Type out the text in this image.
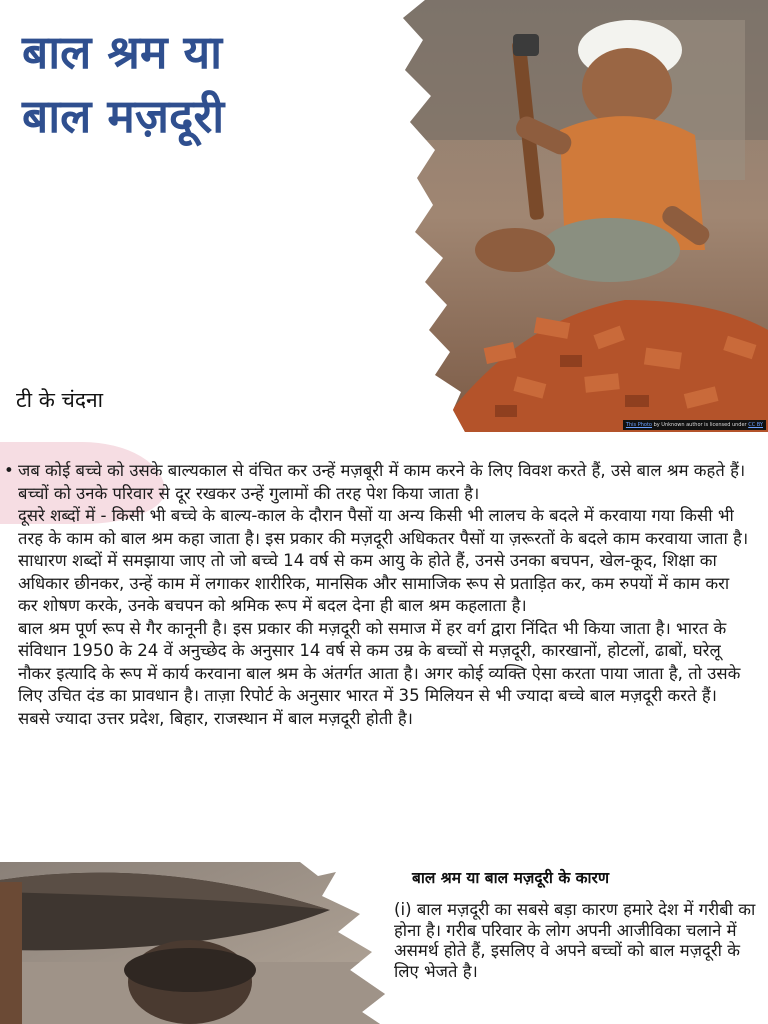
बाल श्रम या
बाल मज़दूरी
टी के चंदना
This Photo by Unknown author is licensed under CC BY
• जब कोई बच्चे को उसके बाल्यकाल से वंचित कर उन्हें मज़बूरी में काम करने के लिए विवश करते हैं, उसे बाल श्रम कहते हैं। बच्चों को उनके परिवार से दूर रखकर उन्हें गुलामों की तरह पेश किया जाता है।

दूसरे शब्दों में - किसी भी बच्चे के बाल्य-काल के दौरान पैसों या अन्य किसी भी लालच के बदले में करवाया गया किसी भी तरह के काम को बाल श्रम कहा जाता है। इस प्रकार की मज़दूरी अधिकतर पैसों या ज़रूरतों के बदले काम करवाया जाता है।

साधारण शब्दों में समझाया जाए तो जो बच्चे 14 वर्ष से कम आयु के होते हैं, उनसे उनका बचपन, खेल-कूद, शिक्षा का अधिकार छीनकर, उन्हें काम में लगाकर शारीरिक, मानसिक और सामाजिक रूप से प्रताड़ित कर, कम रुपयों में काम करा कर शोषण करके, उनके बचपन को श्रमिक रूप में बदल देना ही बाल श्रम कहलाता है।

बाल श्रम पूर्ण रूप से गैर कानूनी है। इस प्रकार की मज़दूरी को समाज में हर वर्ग द्वारा निंदित भी किया जाता है। भारत के संविधान 1950 के 24 वें अनुच्छेद के अनुसार 14 वर्ष से कम उम्र के बच्चों से मज़दूरी, कारखानों, होटलों, ढाबों, घरेलू नौकर इत्यादि के रूप में कार्य करवाना बाल श्रम के अंतर्गत आता है। अगर कोई व्यक्ति ऐसा करता पाया जाता है, तो उसके लिए उचित दंड का प्रावधान है। ताज़ा रिपोर्ट के अनुसार भारत में 35 मिलियन से भी ज्यादा बच्चे बाल मज़दूरी करते हैं। सबसे ज्यादा उत्तर प्रदेश, बिहार, राजस्थान में बाल मज़दूरी होती है।

बाल श्रम या बाल मज़दूरी के कारण

(i) बाल मज़दूरी का सबसे बड़ा कारण हमारे देश में गरीबी का होना है। गरीब परिवार के लोग अपनी आजीविका चलाने में असमर्थ होते हैं, इसलिए वे अपने बच्चों को बाल मज़दूरी के लिए भेजते है।
